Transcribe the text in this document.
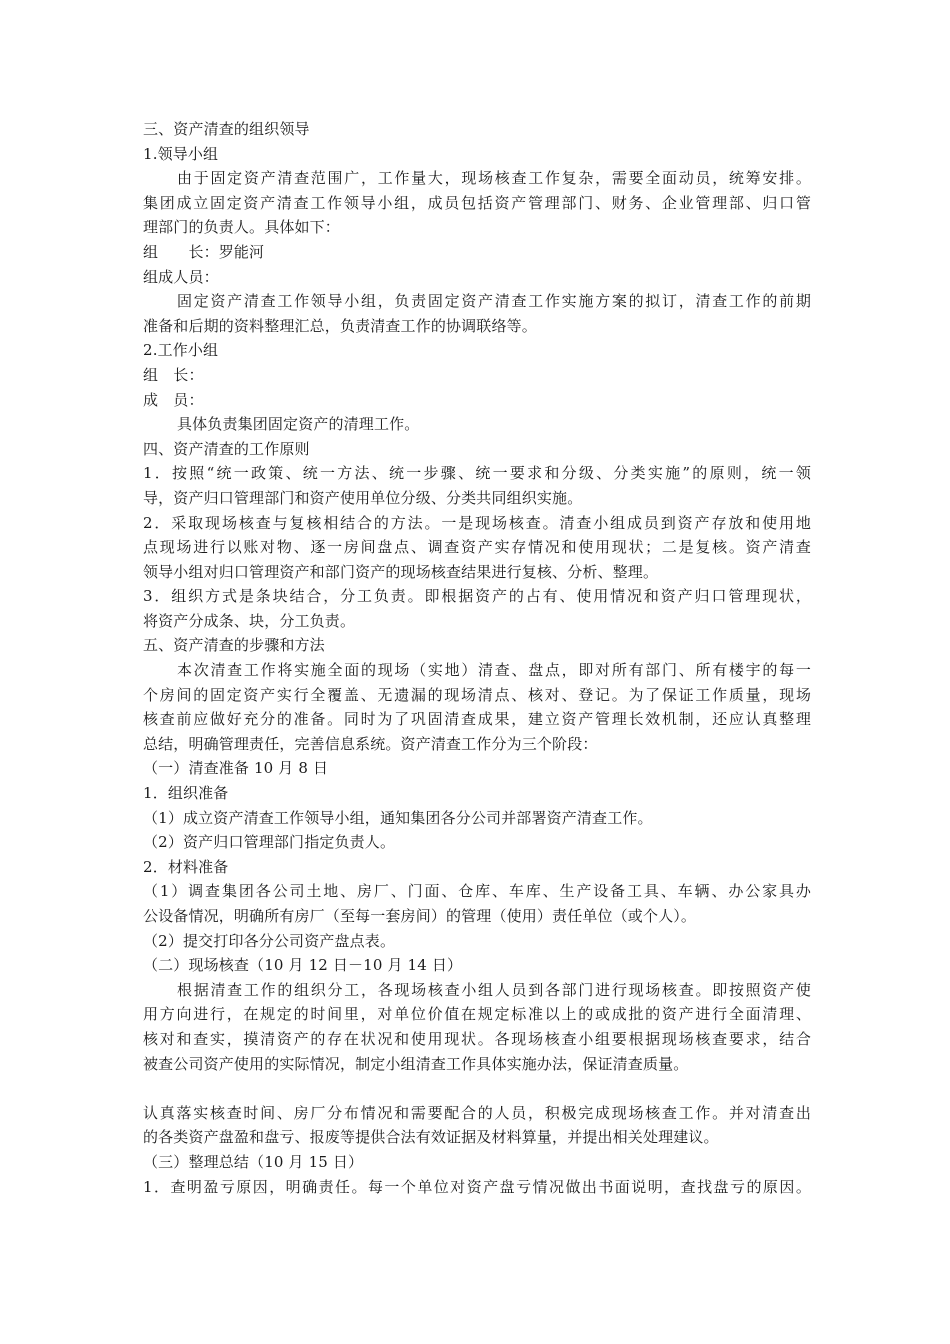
三、资产清查的组织领导
1.领导小组
由于固定资产清查范围广，工作量大，现场核查工作复杂，需要全面动员，统筹安排。
集团成立固定资产清查工作领导小组，成员包括资产管理部门、财务、企业管理部、归口管
理部门的负责人。具体如下：
组　　长：罗能河
组成人员：
固定资产清查工作领导小组，负责固定资产清查工作实施方案的拟订，清查工作的前期
准备和后期的资料整理汇总，负责清查工作的协调联络等。
2.工作小组
组　长：
成　员：
具体负责集团固定资产的清理工作。
四、资产清查的工作原则
1．按照“统一政策、统一方法、统一步骤、统一要求和分级、分类实施”的原则，统一领
导，资产归口管理部门和资产使用单位分级、分类共同组织实施。
2．采取现场核查与复核相结合的方法。一是现场核查。清查小组成员到资产存放和使用地
点现场进行以账对物、逐一房间盘点、调查资产实存情况和使用现状；二是复核。资产清查
领导小组对归口管理资产和部门资产的现场核查结果进行复核、分析、整理。
3．组织方式是条块结合，分工负责。即根据资产的占有、使用情况和资产归口管理现状，
将资产分成条、块，分工负责。
五、资产清查的步骤和方法
本次清查工作将实施全面的现场（实地）清查、盘点，即对所有部门、所有楼宇的每一
个房间的固定资产实行全覆盖、无遗漏的现场清点、核对、登记。为了保证工作质量，现场
核查前应做好充分的准备。同时为了巩固清查成果，建立资产管理长效机制，还应认真整理
总结，明确管理责任，完善信息系统。资产清查工作分为三个阶段：
（一）清查准备 10 月 8 日
1．组织准备
（1）成立资产清查工作领导小组，通知集团各分公司并部署资产清查工作。
（2）资产归口管理部门指定负责人。
2．材料准备
（1）调查集团各公司土地、房厂、门面、仓库、车库、生产设备工具、车辆、办公家具办
公设备情况，明确所有房厂（至每一套房间）的管理（使用）责任单位（或个人）。
（2）提交打印各分公司资产盘点表。
（二）现场核查（10 月 12 日－10 月 14 日）
根据清查工作的组织分工，各现场核查小组人员到各部门进行现场核查。即按照资产使
用方向进行，在规定的时间里，对单位价值在规定标准以上的或成批的资产进行全面清理、
核对和查实，摸清资产的存在状况和使用现状。各现场核查小组要根据现场核查要求，结合
被查公司资产使用的实际情况，制定小组清查工作具体实施办法，保证清查质量。
认真落实核查时间、房厂分布情况和需要配合的人员，积极完成现场核查工作。并对清查出
的各类资产盘盈和盘亏、报废等提供合法有效证据及材料算量，并提出相关处理建议。
（三）整理总结（10 月 15 日）
1．查明盈亏原因，明确责任。每一个单位对资产盘亏情况做出书面说明，查找盘亏的原因。
